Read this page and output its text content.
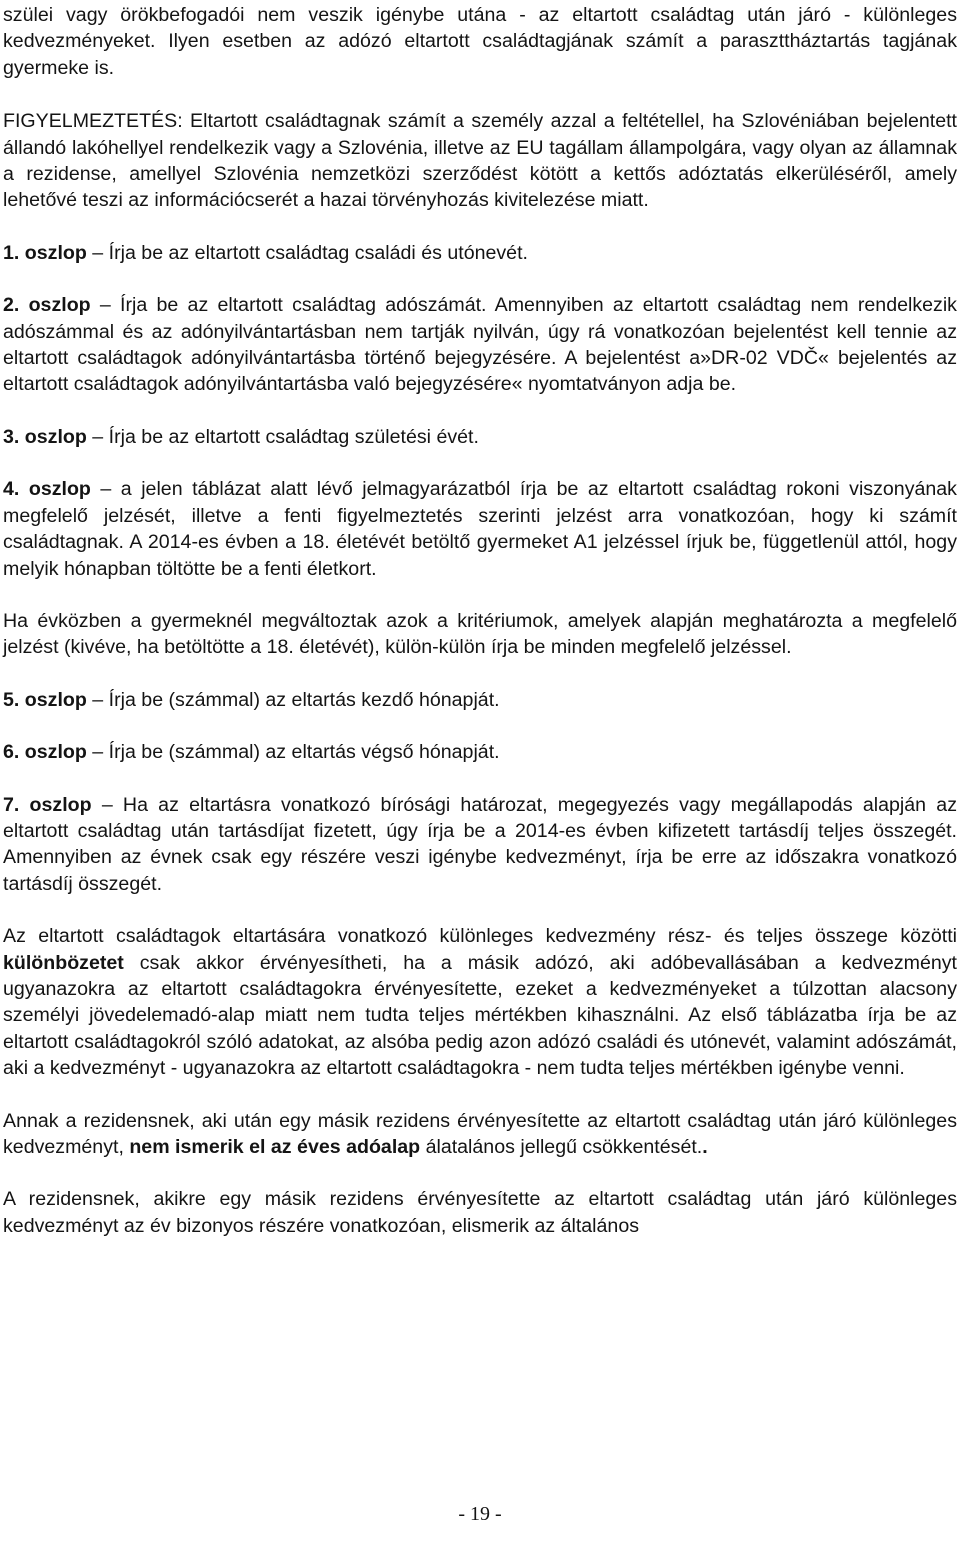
szülei vagy örökbefogadói nem veszik igénybe utána - az eltartott családtag után járó - különleges kedvezményeket. Ilyen esetben az adózó eltartott családtagjának számít a paraszttháztartás tagjának gyermeke is.

FIGYELMEZTETÉS: Eltartott családtagnak számít a személy azzal a feltétellel, ha Szlovéniában bejelentett állandó lakóhellyel rendelkezik vagy a Szlovénia, illetve az EU tagállam állampolgára, vagy olyan az államnak a rezidense, amellyel Szlovénia nemzetközi szerződést kötött a kettős adóztatás elkerüléséről, amely lehetővé teszi az információcserét a hazai törvényhozás kivitelezése miatt.

1. oszlop – Írja be az eltartott családtag családi és utónevét.

2. oszlop – Írja be az eltartott családtag adószámát. Amennyiben az eltartott családtag nem rendelkezik adószámmal és az adónyilvántartásban nem tartják nyilván, úgy rá vonatkozóan bejelentést kell tennie az eltartott családtagok adónyilvántartásba történő bejegyzésére. A bejelentést a»DR-02 VDČ« bejelentés az eltartott családtagok adónyilvántartásba való bejegyzésére« nyomtatványon adja be.

3. oszlop – Írja be az eltartott családtag születési évét.

4. oszlop – a jelen táblázat alatt lévő jelmagyarázatból írja be az eltartott családtag rokoni viszonyának megfelelő jelzését, illetve a fenti figyelmeztetés szerinti jelzést arra vonatkozóan, hogy ki számít családtagnak. A 2014-es évben a 18. életévét betöltő gyermeket A1 jelzéssel írjuk be, függetlenül attól, hogy melyik hónapban töltötte be a fenti életkort.

Ha évközben a gyermeknél megváltoztak azok a kritériumok, amelyek alapján meghatározta a megfelelő jelzést (kivéve, ha betöltötte a 18. életévét), külön-külön írja be minden megfelelő jelzéssel.

5. oszlop – Írja be (számmal) az eltartás kezdő hónapját.

6. oszlop – Írja be (számmal) az eltartás végső hónapját.

7. oszlop – Ha az eltartásra vonatkozó bírósági határozat, megegyezés vagy megállapodás alapján az eltartott családtag után tartásdíjat fizetett, úgy írja be a 2014-es évben kifizetett tartásdíj teljes összegét. Amennyiben az évnek csak egy részére veszi igénybe kedvezményt, írja be erre az időszakra vonatkozó tartásdíj összegét.

Az eltartott családtagok eltartására vonatkozó különleges kedvezmény rész- és teljes összege közötti különbözetet csak akkor érvényesítheti, ha a másik adózó, aki adóbevallásában a kedvezményt ugyanazokra az eltartott családtagokra érvényesítette, ezeket a kedvezményeket a túlzottan alacsony személyi jövedelemadó-alap miatt nem tudta teljes mértékben kihasználni. Az első táblázatba írja be az eltartott családtagokról szóló adatokat, az alsóba pedig azon adózó családi és utónevét, valamint adószámát, aki a kedvezményt - ugyanazokra az eltartott családtagokra - nem tudta teljes mértékben igénybe venni.

Annak a rezidensnek, aki után egy másik rezidens érvényesítette az eltartott családtag után járó különleges kedvezményt, nem ismerik el az éves adóalap álatalános jellegű csökkentését..

A rezidensnek, akikre egy másik rezidens érvényesítette az eltartott családtag után járó különleges kedvezményt az év bizonyos részére vonatkozóan, elismerik az általános

- 19 -
